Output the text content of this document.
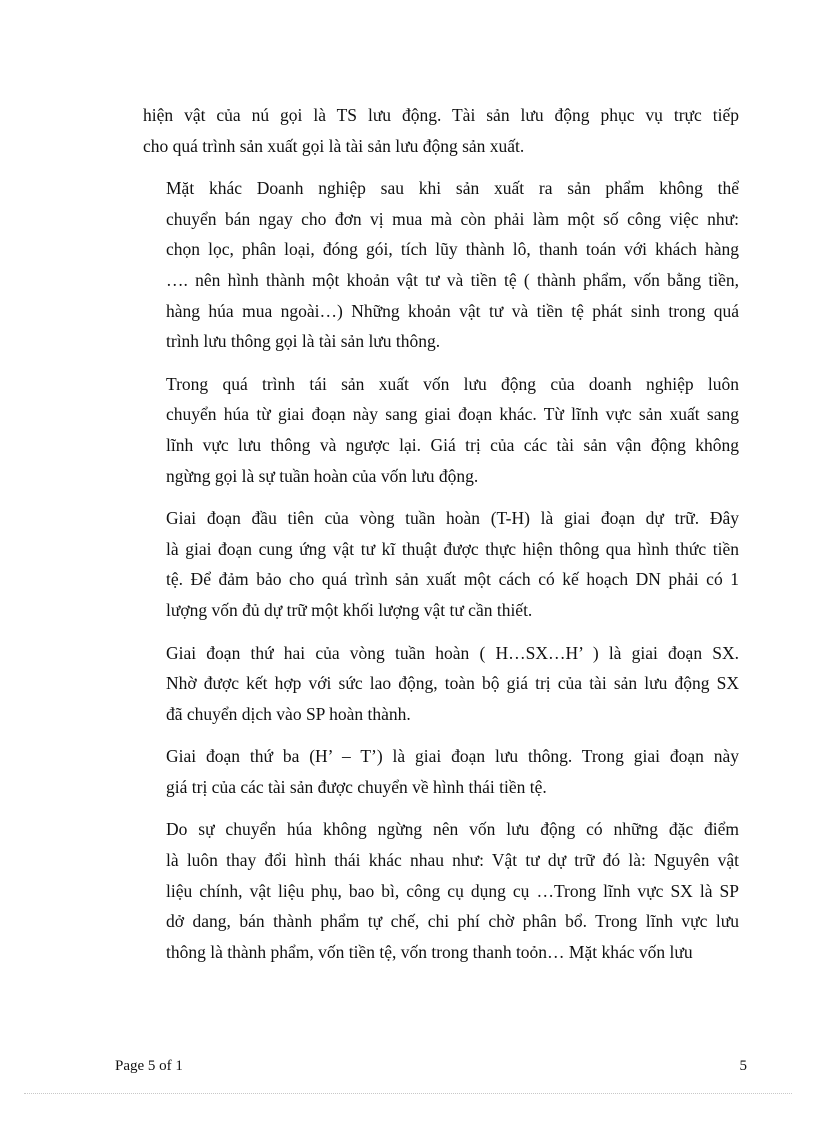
hiện vật của nú gọi là TS lưu động. Tài sản lưu động phục vụ trực tiếp
cho quá trình sản xuất gọi là tài sản lưu động sản xuất.

Mặt khác Doanh nghiệp sau khi sản xuất ra sản phẩm không thể
chuyển bán ngay cho đơn vị mua mà còn phải làm một số công việc như:
chọn lọc, phân loại, đóng gói, tích lũy thành lô, thanh toán với khách hàng
…. nên hình thành một khoản vật tư và tiền tệ ( thành phẩm, vốn bằng tiền,
hàng húa mua ngoài…) Những khoản vật tư và tiền tệ phát sinh trong quá
trình lưu thông gọi là tài sản lưu thông.

Trong quá trình tái sản xuất vốn lưu động của doanh nghiệp luôn
chuyển húa từ giai đoạn này sang giai đoạn khác. Từ lĩnh vực sản xuất sang
lĩnh vực lưu thông và ngược lại. Giá trị của các tài sản vận động không
ngừng gọi là sự tuần hoàn của vốn lưu động.

Giai đoạn đầu tiên của vòng tuần hoàn (T-H) là giai đoạn dự trữ. Đây
là giai đoạn cung ứng vật tư kĩ thuật được thực hiện thông qua hình thức tiền
tệ. Để đảm bảo cho quá trình sản xuất một cách có kế hoạch DN phải có 1
lượng vốn đủ dự trữ một khối lượng vật tư cần thiết.

Giai đoạn thứ hai của vòng tuần hoàn ( H…SX…H’ ) là giai đoạn SX.
Nhờ được kết hợp với sức lao động, toàn bộ giá trị của tài sản lưu động SX
đã chuyển dịch vào SP hoàn thành.

Giai đoạn thứ ba (H’ – T’) là giai đoạn lưu thông. Trong giai đoạn này
giá trị của các tài sản được chuyển về hình thái tiền tệ.

Do sự chuyển húa không ngừng nên vốn lưu động có những đặc điểm
là luôn thay đổi hình thái khác nhau như: Vật tư dự trữ đó là: Nguyên vật
liệu chính, vật liệu phụ, bao bì, công cụ dụng cụ …Trong lĩnh vực SX là SP
dở dang, bán thành phẩm tự chế, chi phí chờ phân bổ. Trong lĩnh vực lưu
thông là thành phẩm, vốn tiền tệ, vốn trong thanh toỏn… Mặt khác vốn lưu

Page 5 of 1	5
